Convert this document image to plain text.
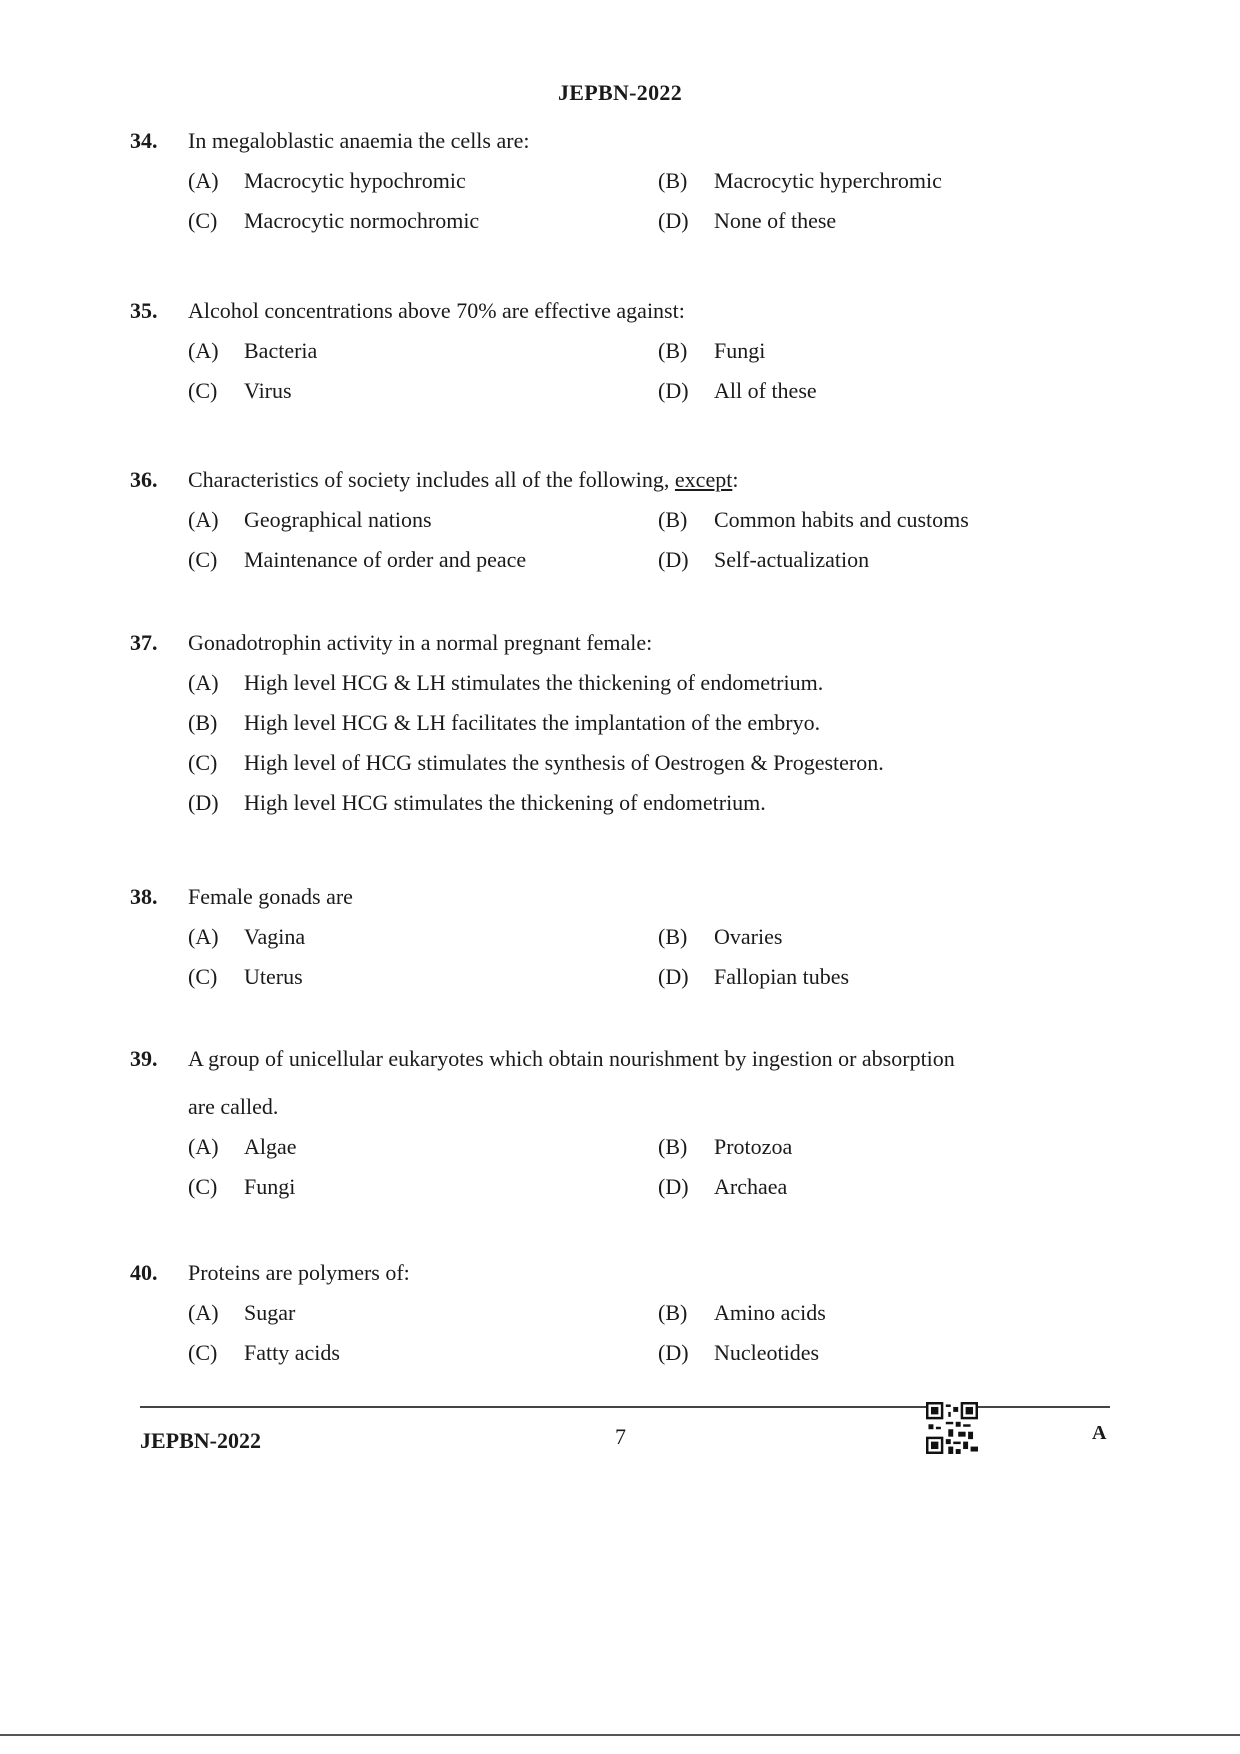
JEPBN-2022
34. In megaloblastic anaemia the cells are:
(A) Macrocytic hypochromic	(B) Macrocytic hyperchromic
(C) Macrocytic normochromic	(D) None of these
35. Alcohol concentrations above 70% are effective against:
(A) Bacteria	(B) Fungi
(C) Virus	(D) All of these
36. Characteristics of society includes all of the following, except:
(A) Geographical nations	(B) Common habits and customs
(C) Maintenance of order and peace	(D) Self-actualization
37. Gonadotrophin activity in a normal pregnant female:
(A) High level HCG & LH stimulates the thickening of endometrium.
(B) High level HCG & LH facilitates the implantation of the embryo.
(C) High level of HCG stimulates the synthesis of Oestrogen & Progesteron.
(D) High level HCG stimulates the thickening of endometrium.
38. Female gonads are
(A) Vagina	(B) Ovaries
(C) Uterus	(D) Fallopian tubes
39. A group of unicellular eukaryotes which obtain nourishment by ingestion or absorption
are called.
(A) Algae	(B) Protozoa
(C) Fungi	(D) Archaea
40. Proteins are polymers of:
(A) Sugar	(B) Amino acids
(C) Fatty acids	(D) Nucleotides
JEPBN-2022	7	A
